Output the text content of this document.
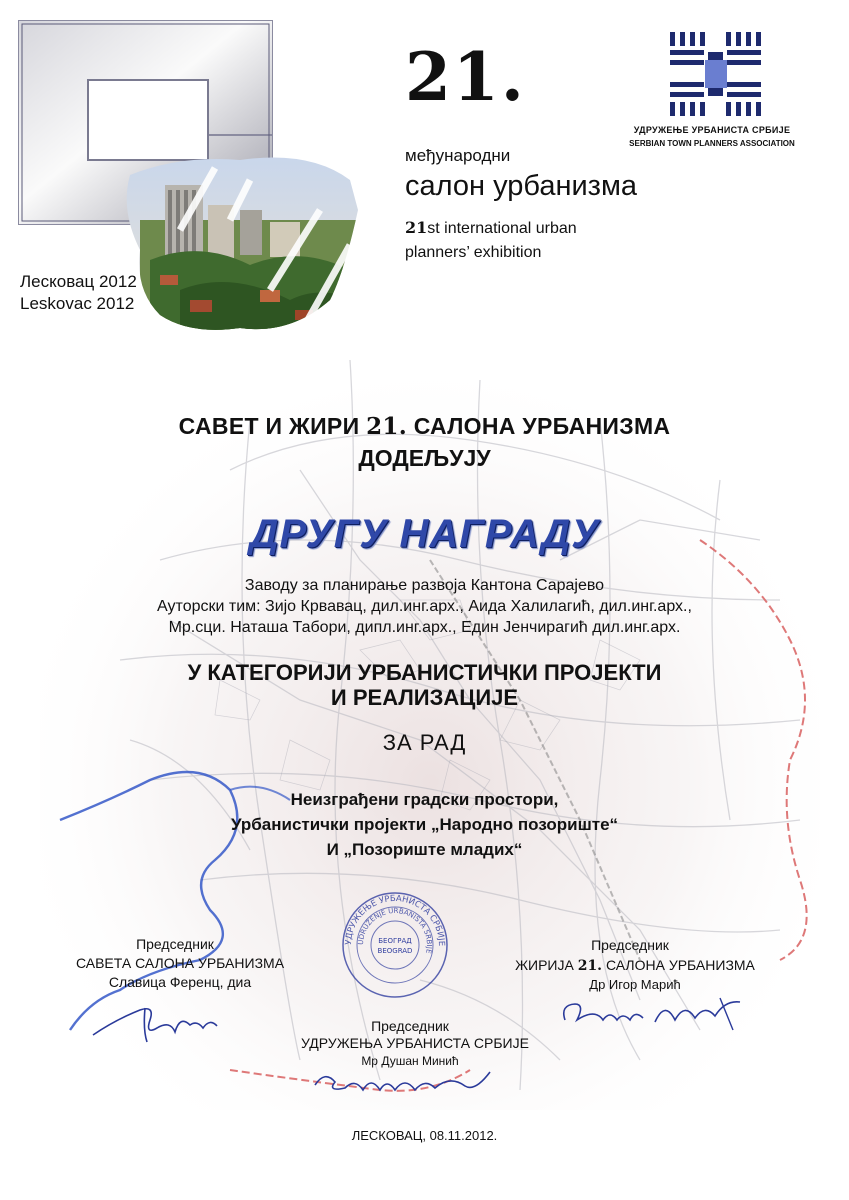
Лесковац 2012
Leskovac 2012
21.
међународни
салон урбанизма
21st international urban
planners’ exhibition
УДРУЖЕЊЕ УРБАНИСТА СРБИЈЕ
SERBIAN TOWN PLANNERS ASSOCIATION
САВЕТ И ЖИРИ 21. САЛОНА УРБАНИЗМА
ДОДЕЉУЈУ
ДРУГУ НАГРАДУ
Заводу за планирање развоја Кантона Сарајево
Ауторски тим: Зијо Крвавац, дил.инг.арх., Аида Халилагић, дил.инг.арх.,
Мр.сци. Наташа Табори, дипл.инг.арх., Един Јенчирагић дил.инг.арх.
У КАТЕГОРИЈИ УРБАНИСТИЧКИ ПРОЈЕКТИ
И РЕАЛИЗАЦИЈЕ
ЗА РАД
Неизграђени градски простори,
Урбанистички пројекти „Народно позориште“
И „Позориште младих“
Председник
САВЕТА САЛОНА УРБАНИЗМА
Славица Ференц, диа
Председник
ЖИРИЈА 21. САЛОНА УРБАНИЗМА
Др Игор Марић
УДРУЖЕЊЕ УРБАНИСТА СРБИЈЕ
UDRUŽENJE URBANISTA SRBIJE
БЕОГРАД
BEOGRAD
Председник
УДРУЖЕЊА УРБАНИСТА СРБИЈЕ
Мр Душан Минић
ЛЕСКОВАЦ, 08.11.2012.
